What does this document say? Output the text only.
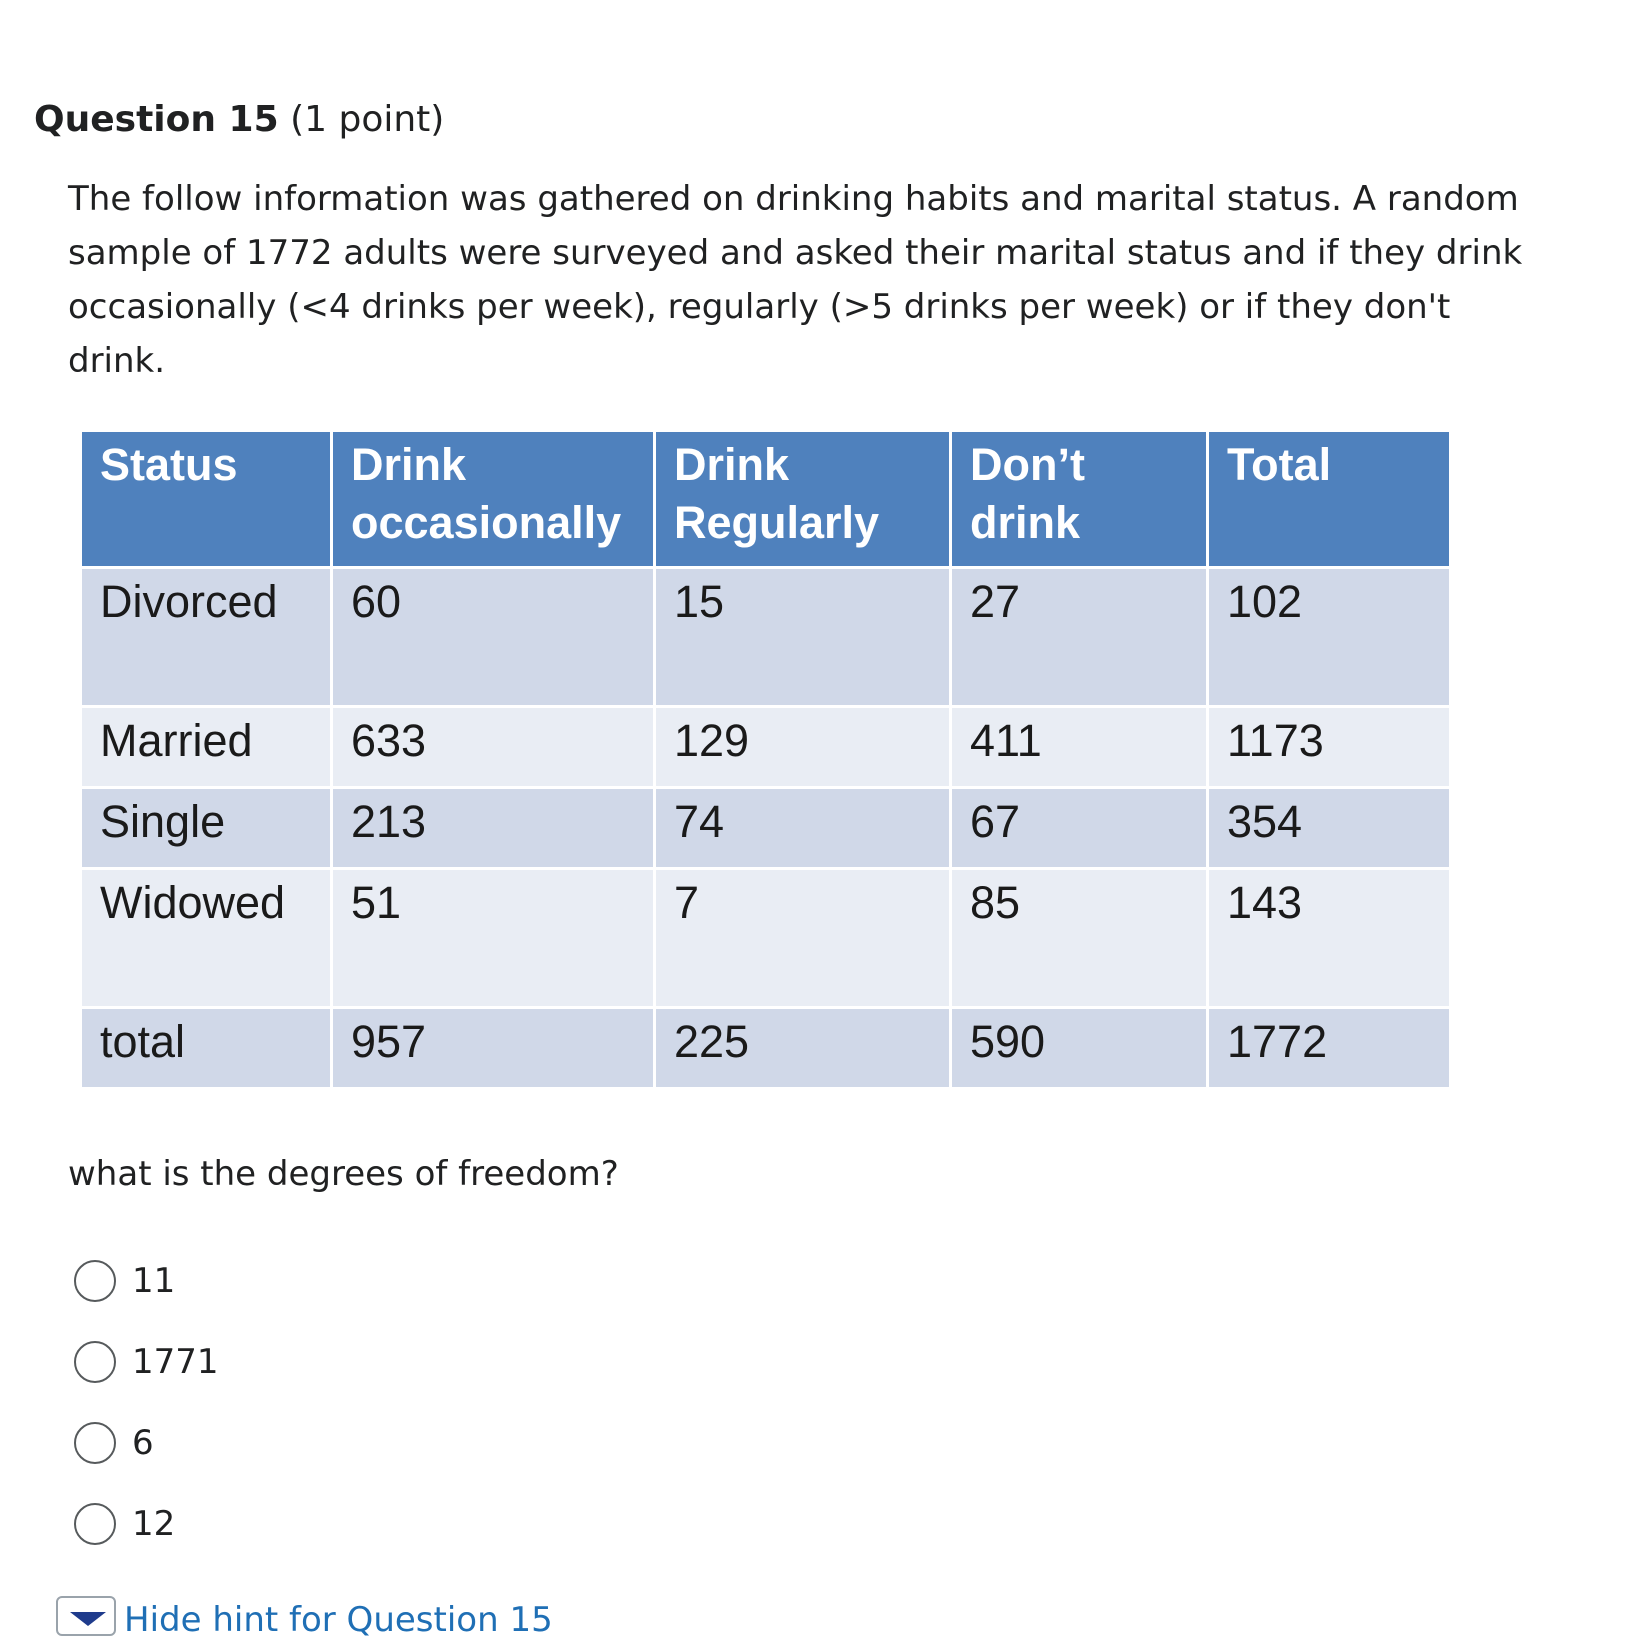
Question 15 (1 point)

The follow information was gathered on drinking habits and marital status. A random sample of 1772 adults were surveyed and asked their marital status and if they drink occasionally (<4 drinks per week), regularly (>5 drinks per week) or if they don't drink.

Status	Drink occasionally	Drink Regularly	Don’t drink	Total
Divorced	60	15	27	102
Married	633	129	411	1173
Single	213	74	67	354
Widowed	51	7	85	143
total	957	225	590	1772

what is the degrees of freedom?

11
1771
6
12
Hide hint for Question 15
